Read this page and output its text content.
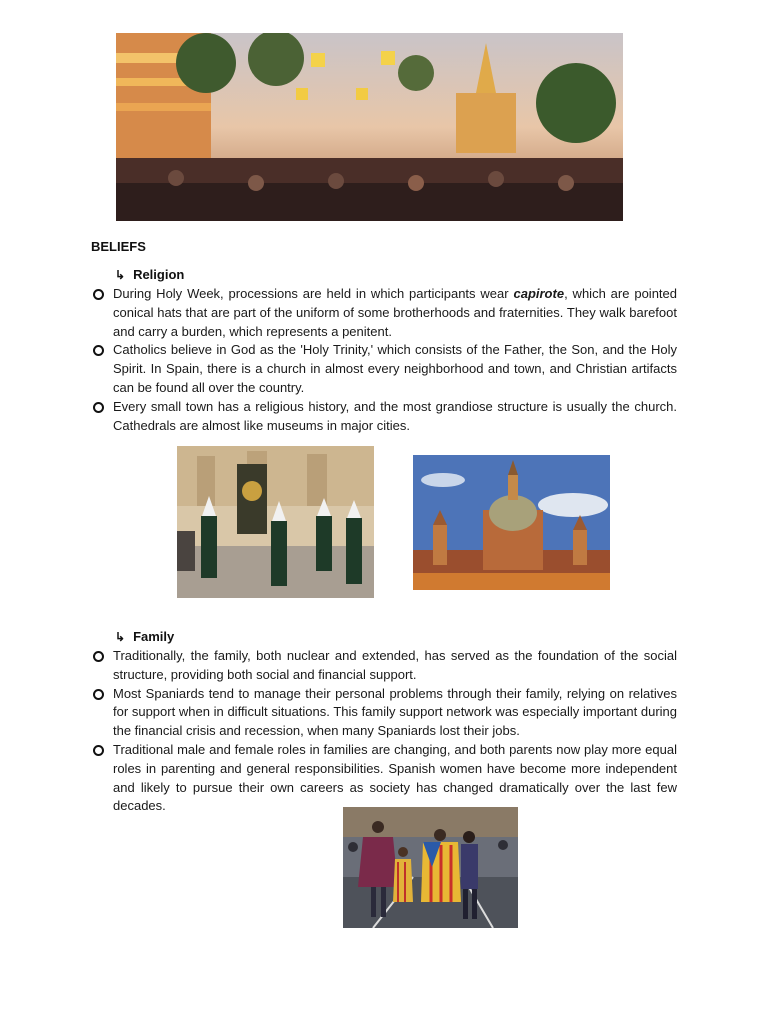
BELIEFS
↳ Religion
During Holy Week, processions are held in which participants wear capirote, which are pointed conical hats that are part of the uniform of some brotherhoods and fraternities. They walk barefoot and carry a burden, which represents a penitent.
Catholics believe in God as the 'Holy Trinity,' which consists of the Father, the Son, and the Holy Spirit. In Spain, there is a church in almost every neighborhood and town, and Christian artifacts can be found all over the country.
Every small town has a religious history, and the most grandiose structure is usually the church. Cathedrals are almost like museums in major cities.
↳ Family
Traditionally, the family, both nuclear and extended, has served as the foundation of the social structure, providing both social and financial support.
Most Spaniards tend to manage their personal problems through their family, relying on relatives for support when in difficult situations. This family support network was especially important during the financial crisis and recession, when many Spaniards lost their jobs.
Traditional male and female roles in families are changing, and both parents now play more equal roles in parenting and general responsibilities. Spanish women have become more independent and likely to pursue their own careers as society has changed dramatically over the last few decades.
